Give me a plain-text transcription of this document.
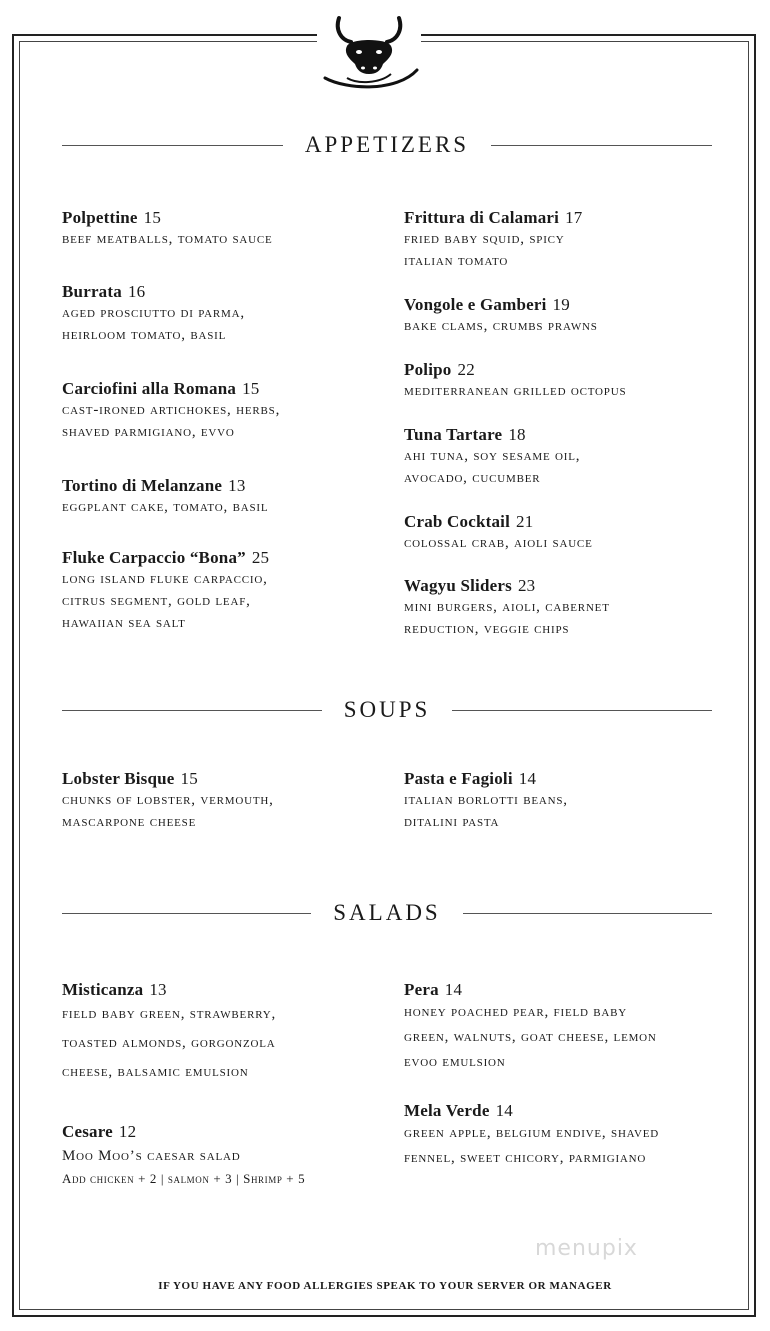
APPETIZERS
Polpettine 15
beef meatballs, tomato sauce
Burrata 16
aged prosciutto di parma,
heirloom tomato, basil
Carciofini alla Romana 15
cast-ironed artichokes, herbs,
shaved parmigiano, evvo
Tortino di Melanzane 13
eggplant cake, tomato, basil
Fluke Carpaccio “Bona” 25
long island fluke carpaccio,
citrus segment, gold leaf,
hawaiian sea salt
Frittura di Calamari 17
fried baby squid, spicy
italian tomato
Vongole e Gamberi 19
bake clams, crumbs prawns
Polipo 22
mediterranean grilled octopus
Tuna Tartare 18
ahi tuna, soy sesame oil,
avocado, cucumber
Crab Cocktail 21
colossal crab, aioli sauce
Wagyu Sliders 23
mini burgers, aioli, cabernet
reduction, veggie chips
SOUPS
Lobster Bisque 15
chunks of lobster, vermouth,
mascarpone cheese
Pasta e Fagioli 14
italian borlotti beans,
ditalini pasta
SALADS
Misticanza 13
field baby green, strawberry,
toasted almonds, gorgonzola
cheese, balsamic emulsion
Cesare 12
Moo Moo’s caesar salad
Add chicken + 2 | salmon + 3 | Shrimp + 5
Pera 14
honey poached pear, field baby
green, walnuts, goat cheese, lemon
evoo emulsion
Mela Verde 14
green apple, belgium endive, shaved
fennel, sweet chicory, parmigiano
menupix
IF YOU HAVE ANY FOOD ALLERGIES SPEAK TO YOUR SERVER OR MANAGER
